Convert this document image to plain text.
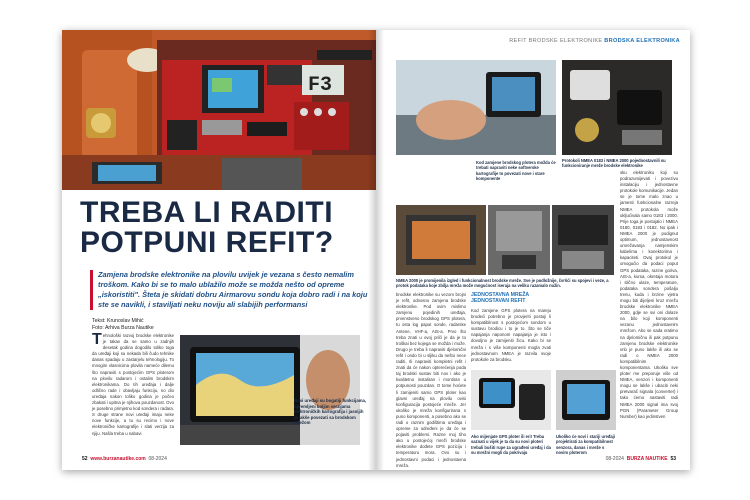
F3
TREBA LI RADITI
POTPUNI REFIT?
Zamjena brodske elektronike na plovilu uvijek je vezana s često nemalim troškom. Kako bi se to malo ublažilo može se možda nešto od opreme „iskoristiti". Šteta je skidati dobru Airmarovu sondu koja dobro radi i na koju ste se navikli, i staviljati neku noviju ali slabijih performansi
Tekst: Krunoslav Mihić
Foto: Arhiva Burza Nautike
Tehnološki razvoj brodske elektronike je takav da se samo u zadnjih desetak godina dogodilo toliko toga da uređaji koji su nekada bili čudo tehnike danas spadaju u zastarjelu tehnologiju. To mnogim vlasnicima plovila nameće dilemu što napraviti s postojećim GPS ploterom na plovilu radarom i ostalim brodskim elektronikama. Do tih uređaja i dalje odlično rade i obavljaju funkciju, no dio uređaja nakon toliko godina je počeo zbakati i upitna je njihova pouzdanost. Ovo je posebno primjetno kod sondera i radara. S druge strane novi uređaji imaju neke nove funkcije, a tu su recimo i nove elektroničke kartografije i slati verzija za njiju. Našla treba u nabavi
Novi uređaji su bogatiji funkcijama, opremljeni boljim verzijama elektroničkih kartografija i jasnijih je lakše povezati sa brodskom mrežom
52 www.burzanautike.com 08-2024
REFIT BRODSKE ELEKTRONIKE BRODSKA ELEKTRONIKA
Kod zamjene brodskog plotera možda će trebati napraviti neke softverske kartografije to povezati nove i stare komponente
Protokoli NMEA 0183 i NMEA 2000 pojednostavnili su funkcioniranje mreže brodske elektronike
NMEA 2000 je promijenila izgled i funkcionalnost brodske mreže. Sve je podložnije, čvršći su spojevi i veze, a protok podataka koje zbilja mreža može mogućnost iseraja na veliku razamalo nužin.
brodske elektronike su vezom brojni je refit, odnosno zamjena brodske elektronike. Pod ovim mislimo zamjenu pojedinih uređaja, prvenstveno brodskog GPS plotera, tu osta log paput sonde, radarske Antene, VHF-a, AIS-a. Prvo što treba znati u ovoj priči je da je to troškai bez kojega se možda i može. Drugo je treba li napraviti djelomični refit i ondo bi u sljiku da nešto nece raditi. Ili napraviti kompletni refit i znati da će nakon opterećenja poda taj brodski sustav biti nov i ako je kvalitetno instaliran i montiran u potpunosti pouzdan. O tome hoćete li zamijeniti samo GPS ploter kao glavni uređaj na plovilu ovisi konfiguracija postojeće mreže. Jer ukoliko je mreža konfigurirana s puno komponenti, a posebno ako se radi o raznim godištima uređaja i opreme za određeni je da će se pojaviti problemi. Razne moj tiho ako u postojećoj mreži brodske elektronike dođete GPS poziciju i temperaturu mora. Ovo su i jednostavni podaci i jednostavna mreža.
JEDNOSTAVNA MREŽA
JEDNOSTAVAN REFIT
Kod zamjene GPS plotera na mareju brodeći potrebno je provjeriti postoji li kompatibilnost s postojećom sondom u sustavu brodicu i to je to. Što se tiče napajanja naponom napajanja je isto i dovoljno je zamijeniti žicu. Kako bi se mreža i s više komponenti mogla zvati jednostavnom NMEA je razvila svoje protokole za brodsku.
sku elektroniku koji su podrazumijevati i povezivu instalaciju i jednostavne protokole komunikacije. Jedan se je tome malo znao u jamesti funkcionalne razreja NMEA protokola može ukljućivala samo 0183 i 2000. Prije toga je postojalo i NMEA 0180, 0183 i 0182. No ipak i NMEA 2000 je podignut optimum, jednostavnost umrežavanja namjenskim kabelima i konektorima i kapaciteti. Ovaj protokol je omogućio da podaci poput GPS podataka, razine goriva, AIS-a, kursa, okretaja motora i slično ulaze, temperature, podataka sondera pošalju trenu, kuda i brzine vjetra mogu biti dijeljeni kroz mrežu brodske elektronike NMEA 2000, gdje se svi oni dolaze na bilo koji komponenti vezanu jednostavnim mrežom. Ako se sada vratimo na djelomičnu ili pak potpunu zamjenu brodske elektronike vrlo je puno lakše ili ako se radi o NMEA 2000 kompatibilnim komponentama. Ukoliko sve ploter me preporuje više od NMEA, senzori i komponenti mogu se lakše i ubaciti neki pretvarač signala (converter) i tako ćemo nastaviti radi NMEA 2000 signal ima svoj PGN (Parameter Group Number) kao jedinstven
Ako mijenjate GPS ploter ili eri! Treba saznati u vijek je ta da su novi ploteri trebali bušiti rupe za ugrađeni uređaj i da su mrežni mogli da pokrivaju
Ukoliko će novi i stariji uređaji projektirati za kompatibilnost senzora, danas i mreže s novim ploterom
08-2024 BURZA NAUTIKE 53
